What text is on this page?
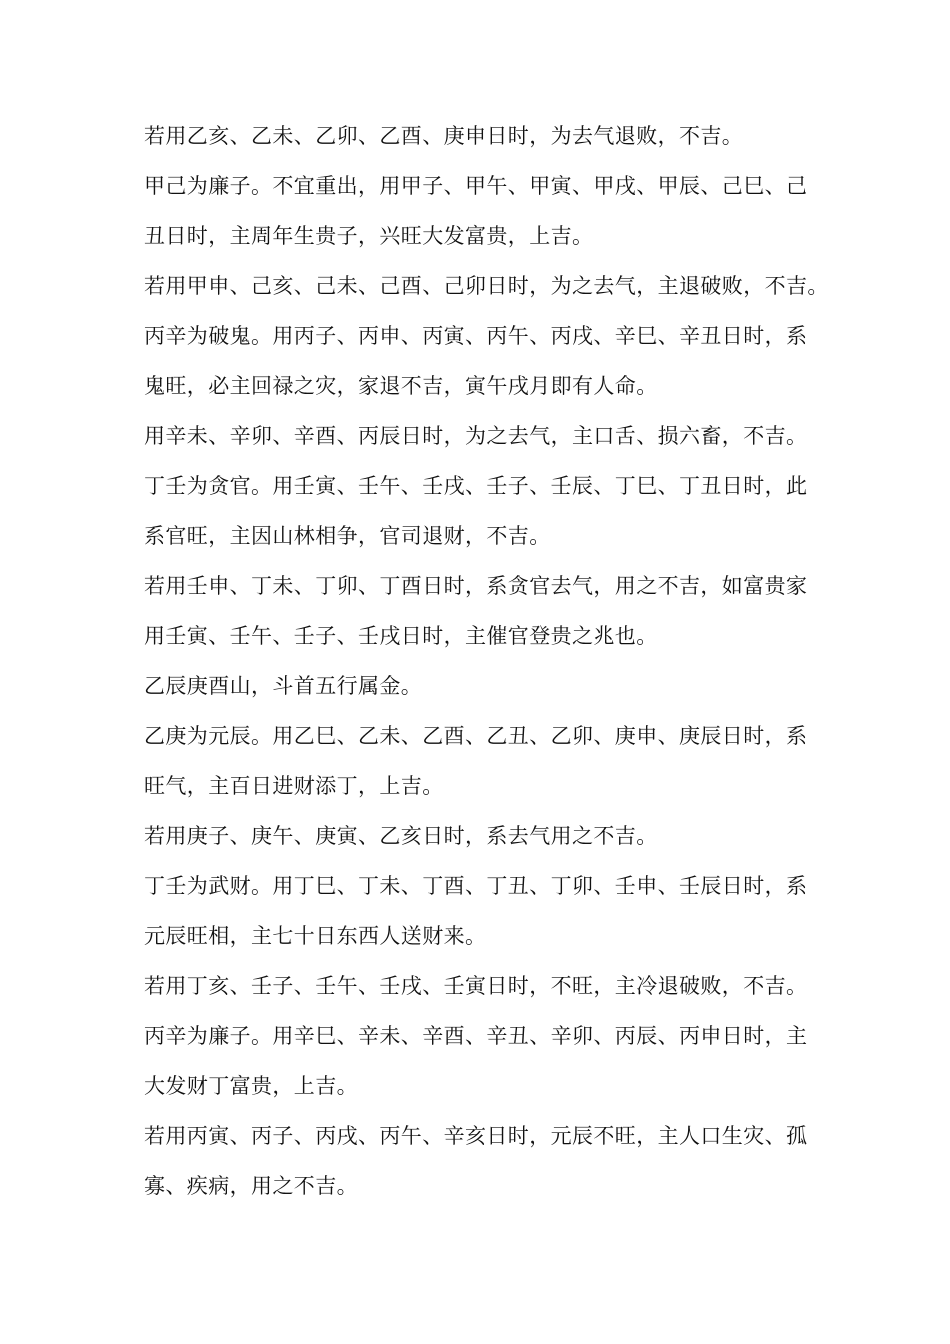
若用乙亥、乙未、乙卯、乙酉、庚申日时，为去气退败，不吉。
甲己为廉子。不宜重出，用甲子、甲午、甲寅、甲戌、甲辰、己巳、己
丑日时，主周年生贵子，兴旺大发富贵，上吉。
若用甲申、己亥、己未、己酉、己卯日时，为之去气，主退破败，不吉。
丙辛为破鬼。用丙子、丙申、丙寅、丙午、丙戌、辛巳、辛丑日时，系
鬼旺，必主回禄之灾，家退不吉，寅午戌月即有人命。
用辛未、辛卯、辛酉、丙辰日时，为之去气，主口舌、损六畜，不吉。
丁壬为贪官。用壬寅、壬午、壬戌、壬子、壬辰、丁巳、丁丑日时，此
系官旺，主因山林相争，官司退财，不吉。
若用壬申、丁未、丁卯、丁酉日时，系贪官去气，用之不吉，如富贵家
用壬寅、壬午、壬子、壬戌日时，主催官登贵之兆也。
乙辰庚酉山，斗首五行属金。
乙庚为元辰。用乙巳、乙未、乙酉、乙丑、乙卯、庚申、庚辰日时，系
旺气，主百日进财添丁，上吉。
若用庚子、庚午、庚寅、乙亥日时，系去气用之不吉。
丁壬为武财。用丁巳、丁未、丁酉、丁丑、丁卯、壬申、壬辰日时，系
元辰旺相，主七十日东西人送财来。
若用丁亥、壬子、壬午、壬戌、壬寅日时，不旺，主冷退破败，不吉。
丙辛为廉子。用辛巳、辛未、辛酉、辛丑、辛卯、丙辰、丙申日时，主
大发财丁富贵，上吉。
若用丙寅、丙子、丙戌、丙午、辛亥日时，元辰不旺，主人口生灾、孤
寡、疾病，用之不吉。
